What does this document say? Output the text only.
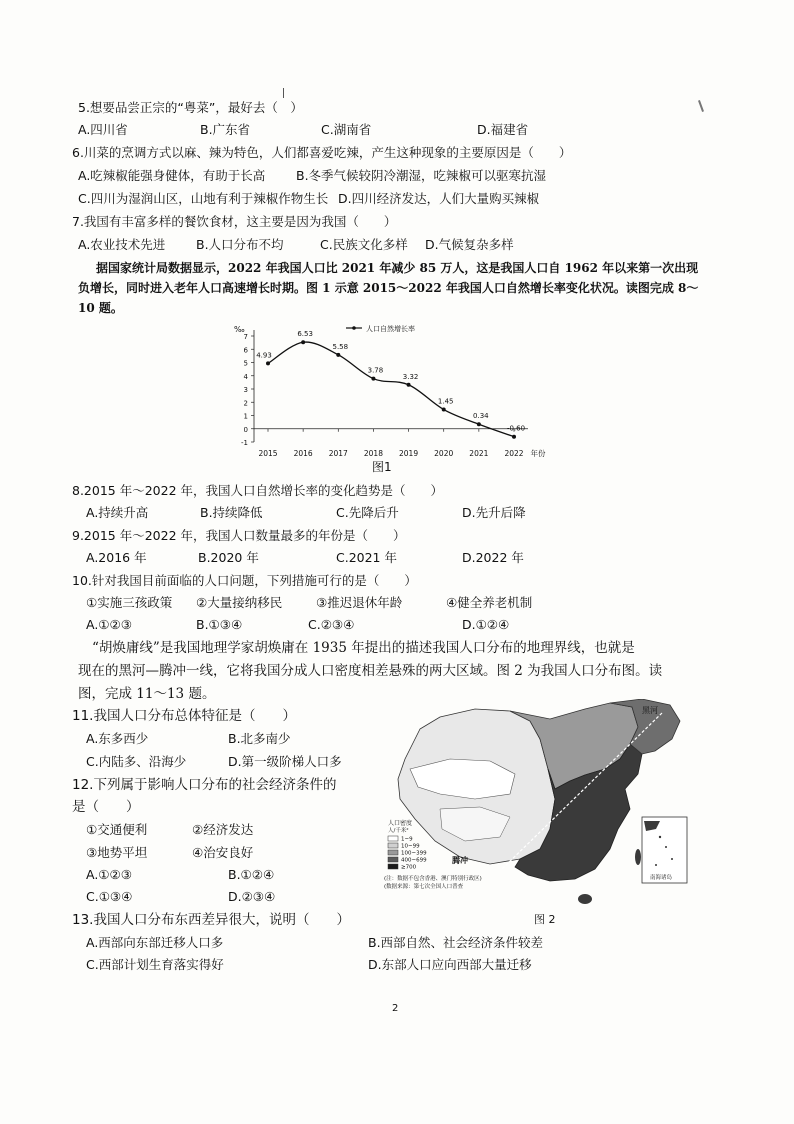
5.想要品尝正宗的“粤菜”，最好去（　）
A.四川省	B.广东省	C.湖南省	D.福建省
6.川菜的烹调方式以麻、辣为特色，人们都喜爱吃辣，产生这种现象的主要原因是（　　）
A.吃辣椒能强身健体，有助于长高 B.冬季气候较阴冷潮湿，吃辣椒可以驱寒抗湿
C.四川为湿润山区，山地有利于辣椒作物生长 D.四川经济发达，人们大量购买辣椒
7.我国有丰富多样的餐饮食材，这主要是因为我国（　　）
A.农业技术先进 B.人口分布不均	C.民族文化多样 D.气候复杂多样
据国家统计局数据显示，2022 年我国人口比 2021 年减少 85 万人，这是我国人口自 1962 年以来第一次出现
负增长，同时进入老年人口高速增长时期。图 1 示意 2015～2022 年我国人口自然增长率变化状况。读图完成 8～
10 题。
-1
0
1
2
3
4
5
6
7
‰
2015 2016 2017 2018 2019 2020 2021 2022 年份
4.93
6.53
5.58
3.78
3.32
1.45
0.34
-0.60
人口自然增长率
图1
8.2015 年～2022 年，我国人口自然增长率的变化趋势是（　　）
A.持续升高	B.持续降低	C.先降后升	D.先升后降
9.2015 年～2022 年，我国人口数量最多的年份是（　　）
A.2016 年	B.2020 年	C.2021 年	D.2022 年
10.针对我国目前面临的人口问题，下列措施可行的是（　　）
①实施三孩政策 ②大量接纳移民	③推迟退休年龄	④健全养老机制
A.①②③	B.①③④	C.②③④	D.①②④
“胡焕庸线”是我国地理学家胡焕庸在 1935 年提出的描述我国人口分布的地理界线，也就是
现在的黑河—腾冲一线，它将我国分成人口密度相差悬殊的两大区域。图 2 为我国人口分布图。读
图，完成 11～13 题。
11.我国人口分布总体特征是（　　）
A.东多西少	B.北多南少
C.内陆多、沿海少	D.第一级阶梯人口多
12.下列属于影响人口分布的社会经济条件的
是（　　）
①交通便利	②经济发达
③地势平坦	④治安良好
A.①②③	B.①②④
C.①③④	D.②③④
13.我国人口分布东西差异很大，说明（　　）
A.西部向东部迁移人口多	B.西部自然、社会经济条件较差
C.西部计划生育落实得好	D.东部人口应向西部大量迁移
黑河
腾冲
人口密度
人/千米²
1~9
10~99
100~399
400~699
≥700
(注：数据不包含香港、澳门特别行政区)
(数据来源：第七次全国人口普查
南海诸岛
图 2
2
